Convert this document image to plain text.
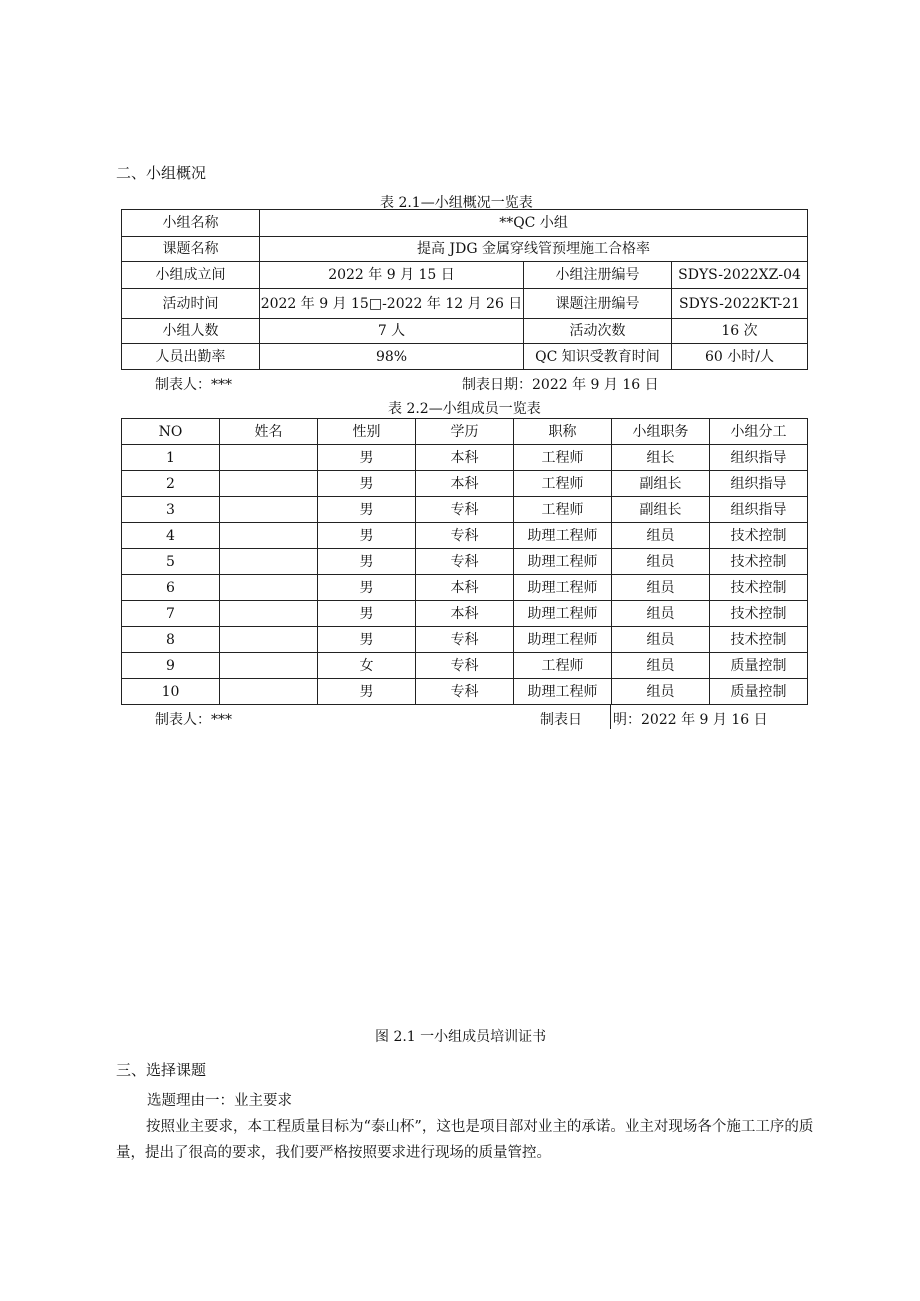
二、小组概况
表 2.1—小组概况一览表
小组名称	**QC 小组		
课题名称	提高 JDG 金属穿线管预埋施工合格率		
小组成立间	2022 年 9 月 15 日	小组注册编号	SDYS-2022XZ-04
活动时间	2022 年 9 月 15□-2022 年 12 月 26 日	课题注册编号	SDYS-2022KT-21
小组人数	7 人	活动次数	16 次
人员出勤率	98%	QC 知识受教育时间	60 小时/人
制表人：***	制表日期：2022 年 9 月 16 日
表 2.2—小组成员一览表
NO	姓名	性别	学历	职称	小组职务	小组分工
1		男	本科	工程师	组长	组织指导
2		男	本科	工程师	副组长	组织指导
3		男	专科	工程师	副组长	组织指导
4		男	专科	助理工程师	组员	技术控制
5		男	专科	助理工程师	组员	技术控制
6		男	本科	助理工程师	组员	技术控制
7		男	本科	助理工程师	组员	技术控制
8		男	专科	助理工程师	组员	技术控制
9		女	专科	工程师	组员	质量控制
10		男	专科	助理工程师	组员	质量控制
制表人：***	制表日 明：2022 年 9 月 16 日
图 2.1 一小组成员培训证书
三、选择课题
选题理由一：业主要求
按照业主要求，本工程质量目标为“泰山杯”，这也是项目部对业主的承诺。业主对现场各个施工工序的质量，提出了很高的要求，我们要严格按照要求进行现场的质量管控。
